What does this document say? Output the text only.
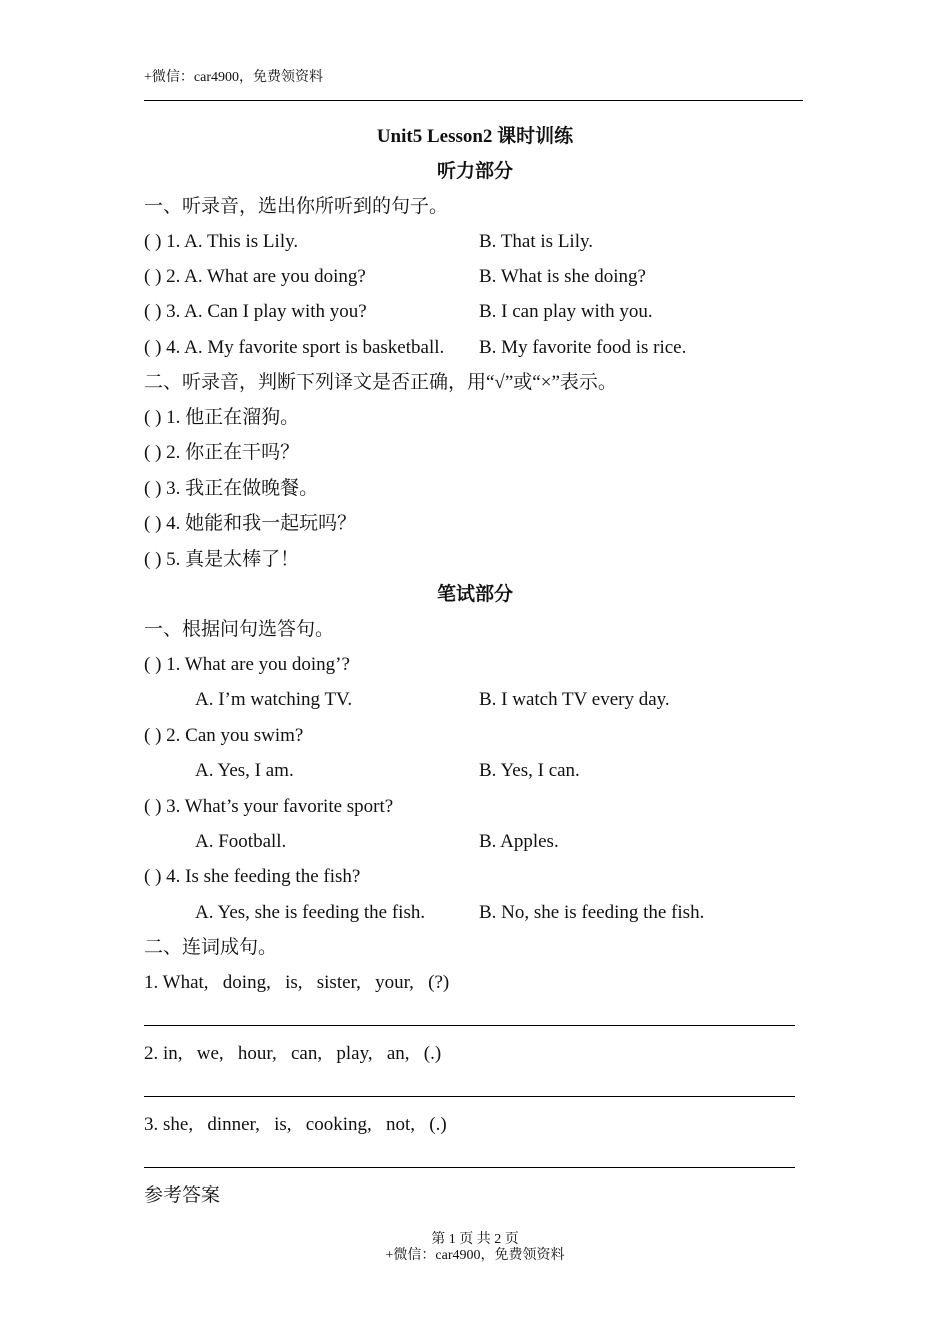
+微信：car4900，免费领资料
Unit5 Lesson2 课时训练
听力部分
一、听录音，选出你所听到的句子。
( ) 1. A. This is Lily.	B. That is Lily.
( ) 2. A. What are you doing?	B. What is she doing?
( ) 3. A. Can I play with you?	B. I can play with you.
( ) 4. A. My favorite sport is basketball. B. My favorite food is rice.
二、听录音，判断下列译文是否正确，用“√”或“×”表示。
( ) 1. 他正在溜狗。
( ) 2. 你正在干吗？
( ) 3. 我正在做晚餐。
( ) 4. 她能和我一起玩吗？
( ) 5. 真是太棒了！
笔试部分
一、根据问句选答句。
( ) 1. What are you doing’?
A. I’m watching TV.	B. I watch TV every day.
( ) 2. Can you swim?
A. Yes, I am.	B. Yes, I can.
( ) 3. What’s your favorite sport?
A. Football.	B. Apples.
( ) 4. Is she feeding the fish?
A. Yes, she is feeding the fish.	B. No, she is feeding the fish.
二、连词成句。
1. What,   doing,   is,   sister,   your,   (?)
2. in,   we,   hour,   can,   play,   an,   (.)
3. she,   dinner,   is,   cooking,   not,   (.)
参考答案
第 1 页 共 2 页
+微信：car4900，免费领资料
